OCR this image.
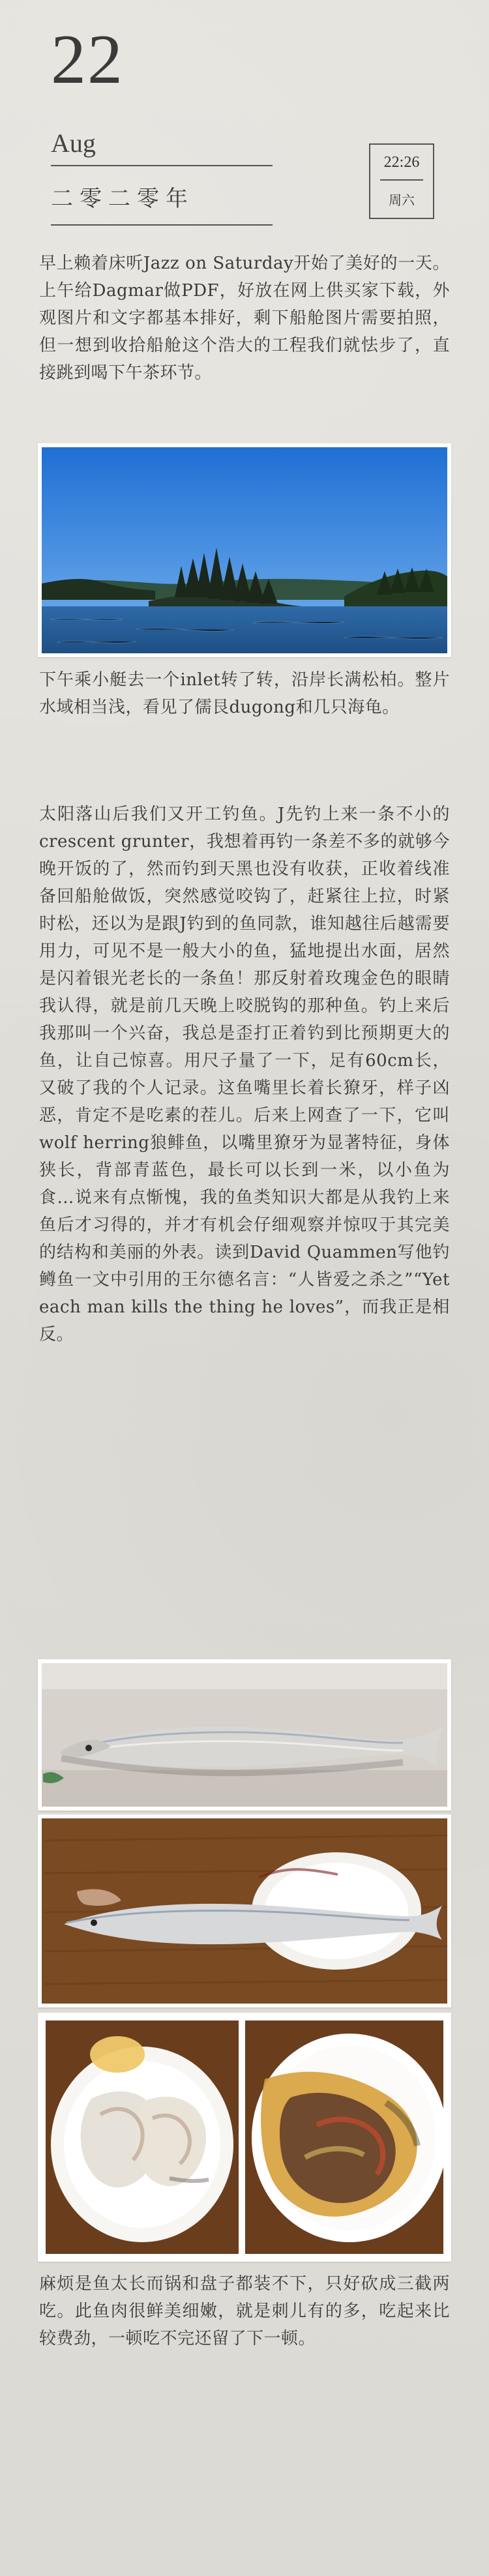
22
Aug
二零二零年
22:26
周六
早上赖着床听Jazz on Saturday开始了美好的一天。上午给Dagmar做PDF，好放在网上供买家下载，外观图片和文字都基本排好，剩下船舱图片需要拍照，但一想到收拾船舱这个浩大的工程我们就怯步了，直接跳到喝下午茶环节。
下午乘小艇去一个inlet转了转，沿岸长满松柏。整片水域相当浅，看见了儒艮dugong和几只海龟。
太阳落山后我们又开工钓鱼。J先钓上来一条不小的crescent grunter，我想着再钓一条差不多的就够今晚开饭的了，然而钓到天黑也没有收获，正收着线准备回船舱做饭，突然感觉咬钩了，赶紧往上拉，时紧时松，还以为是跟J钓到的鱼同款，谁知越往后越需要用力，可见不是一般大小的鱼，猛地提出水面，居然是闪着银光老长的一条鱼！那反射着玫瑰金色的眼睛我认得，就是前几天晚上咬脱钩的那种鱼。钓上来后我那叫一个兴奋，我总是歪打正着钓到比预期更大的鱼，让自己惊喜。用尺子量了一下，足有60cm长，又破了我的个人记录。这鱼嘴里长着长獠牙，样子凶恶，肯定不是吃素的茬儿。后来上网查了一下，它叫wolf herring狼鲱鱼，以嘴里獠牙为显著特征，身体狭长，背部青蓝色，最长可以长到一米，以小鱼为食…说来有点惭愧，我的鱼类知识大都是从我钓上来鱼后才习得的，并才有机会仔细观察并惊叹于其完美的结构和美丽的外表。读到David Quammen写他钓鳟鱼一文中引用的王尔德名言：“人皆爱之杀之”“Yet each man kills the thing he loves”，而我正是相反。
麻烦是鱼太长而锅和盘子都装不下，只好砍成三截两吃。此鱼肉很鲜美细嫩，就是刺儿有的多，吃起来比较费劲，一顿吃不完还留了下一顿。
